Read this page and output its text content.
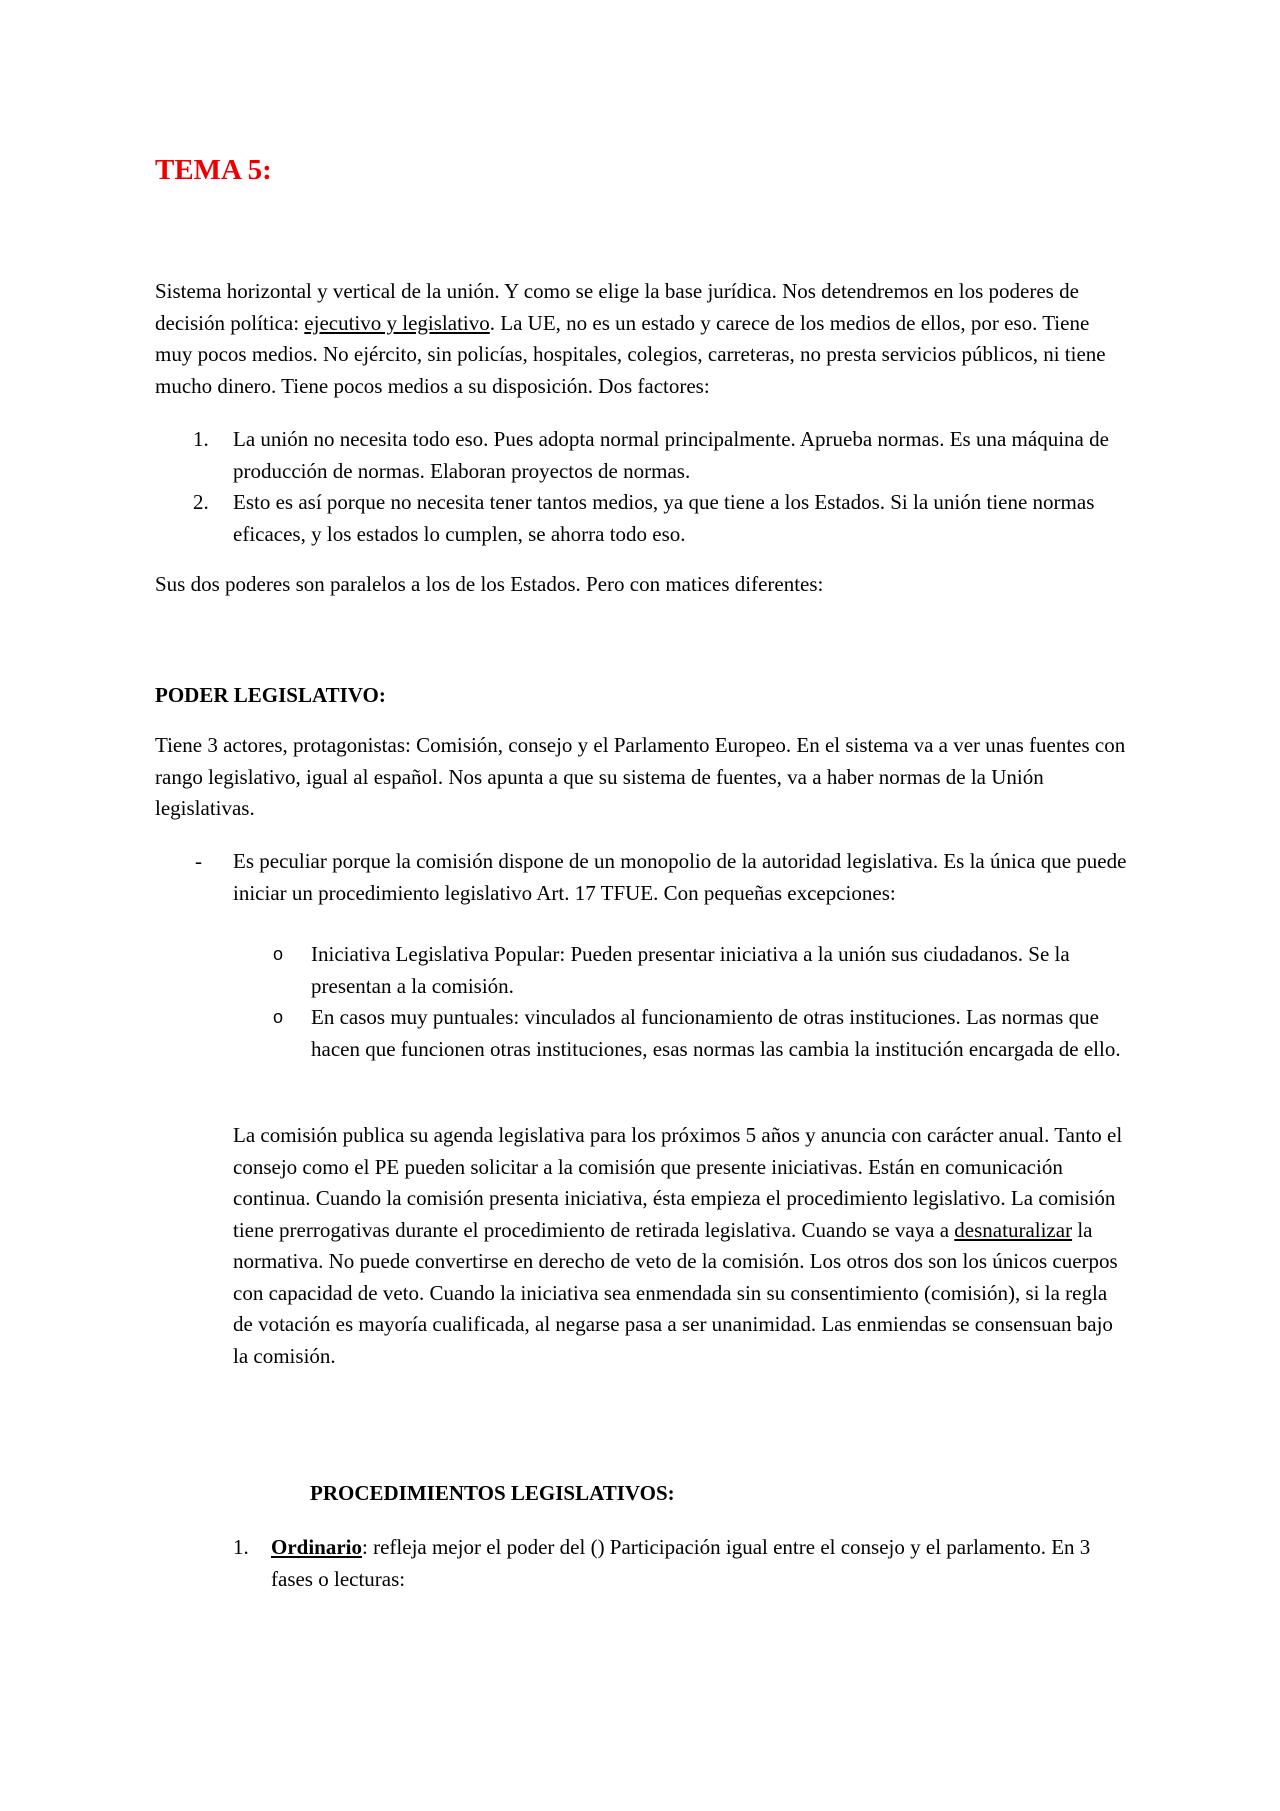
TEMA 5:

Sistema horizontal y vertical de la unión. Y como se elige la base jurídica. Nos detendremos en los poderes de decisión política: ejecutivo y legislativo. La UE, no es un estado y carece de los medios de ellos, por eso. Tiene muy pocos medios. No ejército, sin policías, hospitales, colegios, carreteras, no presta servicios públicos, ni tiene mucho dinero. Tiene pocos medios a su disposición. Dos factores:

1. La unión no necesita todo eso. Pues adopta normal principalmente. Aprueba normas. Es una máquina de producción de normas. Elaboran proyectos de normas.
2. Esto es así porque no necesita tener tantos medios, ya que tiene a los Estados. Si la unión tiene normas eficaces, y los estados lo cumplen, se ahorra todo eso.

Sus dos poderes son paralelos a los de los Estados. Pero con matices diferentes:

PODER LEGISLATIVO:

Tiene 3 actores, protagonistas: Comisión, consejo y el Parlamento Europeo. En el sistema va a ver unas fuentes con rango legislativo, igual al español. Nos apunta a que su sistema de fuentes, va a haber normas de la Unión legislativas.

-	Es peculiar porque la comisión dispone de un monopolio de la autoridad legislativa. Es la única que puede iniciar un procedimiento legislativo Art. 17 TFUE. Con pequeñas excepciones:
o	Iniciativa Legislativa Popular: Pueden presentar iniciativa a la unión sus ciudadanos. Se la presentan a la comisión.
o	En casos muy puntuales: vinculados al funcionamiento de otras instituciones. Las normas que hacen que funcionen otras instituciones, esas normas las cambia la institución encargada de ello.

La comisión publica su agenda legislativa para los próximos 5 años y anuncia con carácter anual. Tanto el consejo como el PE pueden solicitar a la comisión que presente iniciativas. Están en comunicación continua. Cuando la comisión presenta iniciativa, ésta empieza el procedimiento legislativo. La comisión tiene prerrogativas durante el procedimiento de retirada legislativa. Cuando se vaya a desnaturalizar la normativa. No puede convertirse en derecho de veto de la comisión. Los otros dos son los únicos cuerpos con capacidad de veto. Cuando la iniciativa sea enmendada sin su consentimiento (comisión), si la regla de votación es mayoría cualificada, al negarse pasa a ser unanimidad. Las enmiendas se consensuan bajo la comisión.

PROCEDIMIENTOS LEGISLATIVOS:
1.	Ordinario: refleja mejor el poder del () Participación igual entre el consejo y el parlamento. En 3 fases o lecturas:
